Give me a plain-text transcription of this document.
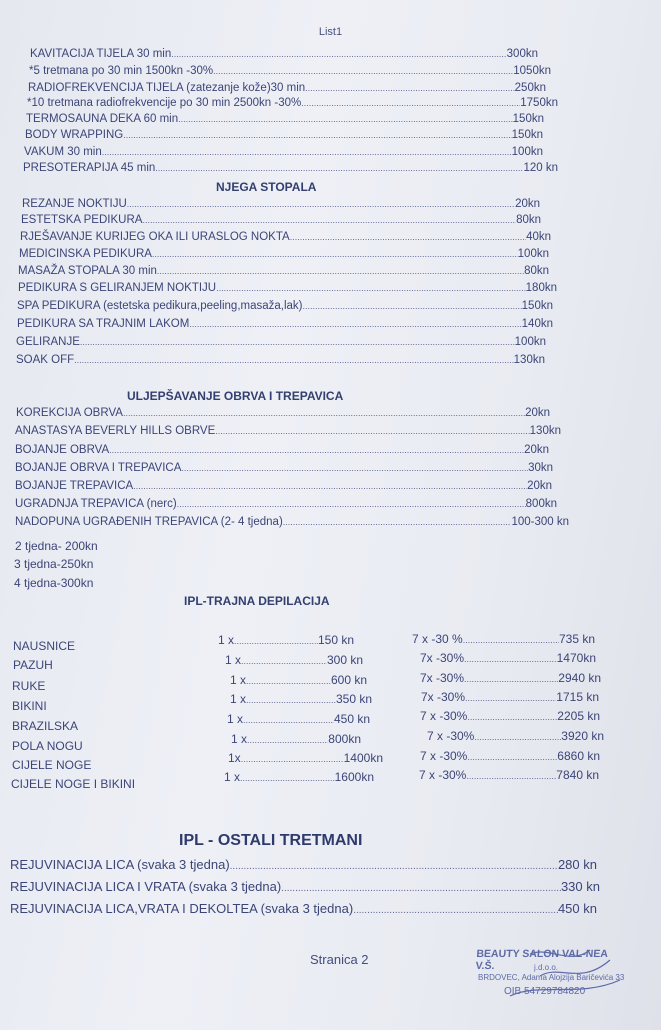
List1
KAVITACIJA TIJELA 30 min .....	300kn
*5 tretmana po 30 min 1500kn -30% .....	1050kn
RADIOFREKVENCIJA TIJELA (zatezanje kože)30 min .....	250kn
*10 tretmana radiofrekvencije po 30 min 2500kn -30% .....	1750kn
TERMOSAUNA DEKA 60 min .....	150kn
BODY WRAPPING .....	150kn
VAKUM 30 min .....	100kn
PRESOTERAPIJA 45 min .....	120 kn
NJEGA STOPALA
REZANJE NOKTIJU .....	20kn
ESTETSKA PEDIKURA .....	80kn
RJEŠAVANJE KURIJEG OKA ILI URASLOG NOKTA .....	40kn
MEDICINSKA PEDIKURA .....	100kn
MASAŽA STOPALA 30 min .....	80kn
PEDIKURA S GELIRANJEM NOKTIJU .....	180kn
SPA PEDIKURA (estetska pedikura,peeling,masaža,lak) .....	150kn
PEDIKURA SA TRAJNIM LAKOM .....	140kn
GELIRANJE .....	100kn
SOAK OFF .....	130kn
ULJEPŠAVANJE OBRVA I TREPAVICA
KOREKCIJA OBRVA .....	20kn
ANASTASYA BEVERLY HILLS OBRVE .....	130kn
BOJANJE OBRVA .....	20kn
BOJANJE OBRVA I TREPAVICA .....	30kn
BOJANJE TREPAVICA .....	20kn
UGRADNJA TREPAVICA (nerc) .....	800kn
NADOPUNA UGRAĐENIH TREPAVICA (2- 4 tjedna) .....	100-300 kn
2 tjedna- 200kn
3 tjedna-250kn
4 tjedna-300kn
IPL-TRAJNA DEPILACIJA
NAUSNICE	1 x .....	150 kn	7 x -30 % .....	735 kn
PAZUH	1 x .....	300 kn	7x -30% .....	1470kn
RUKE	1 x .....	600 kn	7x -30% .....	2940 kn
BIKINI	1 x .....	350 kn	7x -30% .....	1715 kn
BRAZILSKA	1 x .....	450 kn	7 x -30% .....	2205 kn
POLA NOGU	1 x .....	800kn	7 x -30% .....	3920 kn
CIJELE NOGE	1x .....	1400kn	7 x -30% .....	6860 kn
CIJELE NOGE I BIKINI	1 x .....	1600kn	7 x -30% .....	7840 kn
IPL - OSTALI TRETMANI
REJUVINACIJA LICA (svaka 3 tjedna) .....	280 kn
REJUVINACIJA LICA I VRATA (svaka 3 tjedna) .....	330 kn
REJUVINACIJA LICA,VRATA I DEKOLTEA (svaka 3 tjedna) .....	450 kn
Stranica 2	BEAUTY SALON VAL-NEA V.Š.	j.d.o.o.
BRDOVEC, Adama Alojzija Baričevića 33
OIB 54729784820
